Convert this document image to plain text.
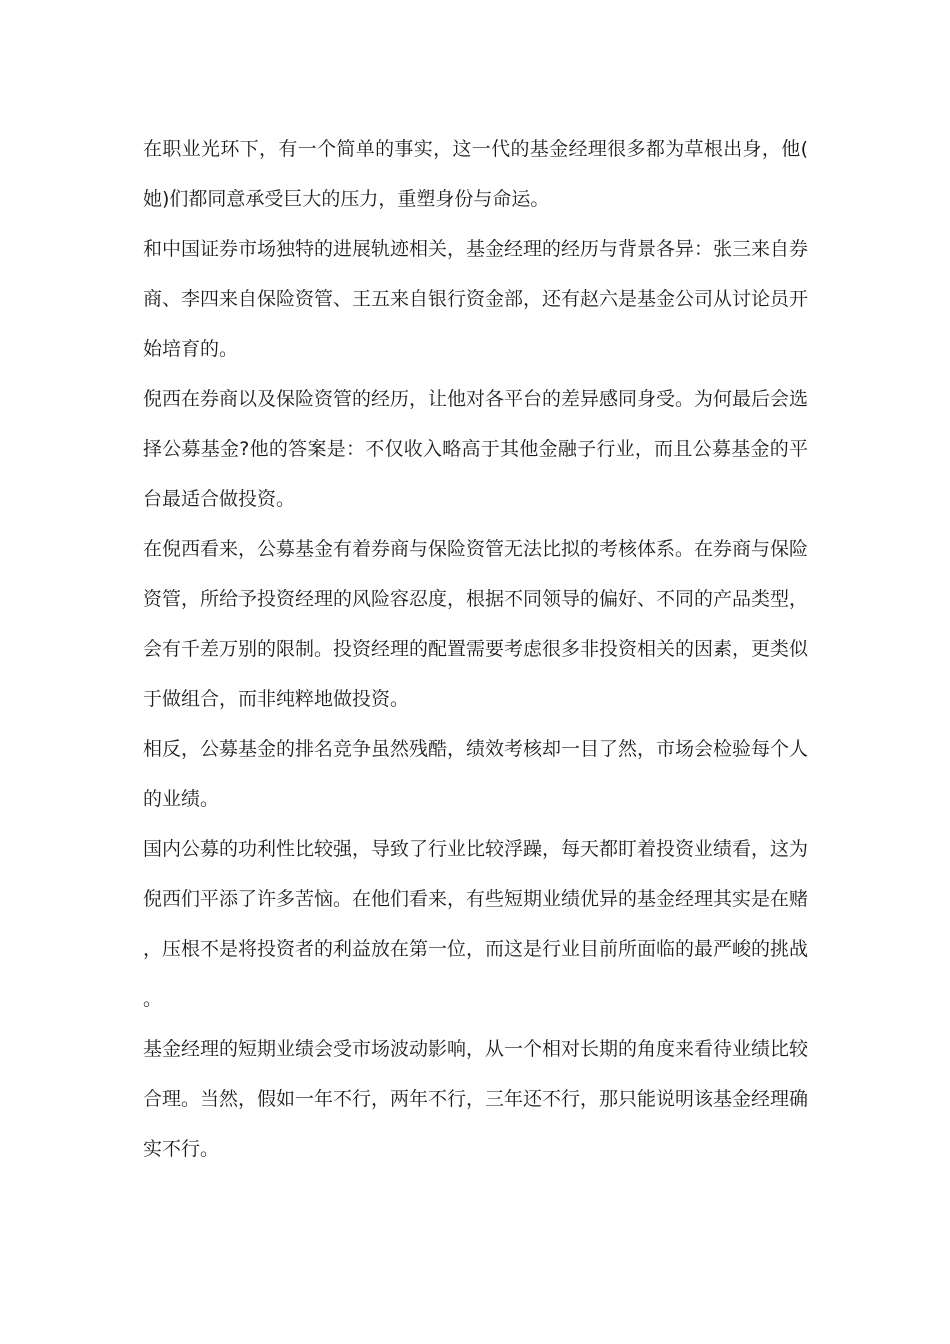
在职业光环下，有一个简单的事实，这一代的基金经理很多都为草根出身，他(她)们都同意承受巨大的压力，重塑身份与命运。

和中国证券市场独特的进展轨迹相关，基金经理的经历与背景各异：张三来自券商、李四来自保险资管、王五来自银行资金部，还有赵六是基金公司从讨论员开始培育的。

倪西在券商以及保险资管的经历，让他对各平台的差异感同身受。为何最后会选择公募基金?他的答案是：不仅收入略高于其他金融子行业，而且公募基金的平台最适合做投资。

在倪西看来，公募基金有着券商与保险资管无法比拟的考核体系。在券商与保险资管，所给予投资经理的风险容忍度，根据不同领导的偏好、不同的产品类型，会有千差万别的限制。投资经理的配置需要考虑很多非投资相关的因素，更类似于做组合，而非纯粹地做投资。

相反，公募基金的排名竞争虽然残酷，绩效考核却一目了然，市场会检验每个人的业绩。

国内公募的功利性比较强，导致了行业比较浮躁，每天都盯着投资业绩看，这为倪西们平添了许多苦恼。在他们看来，有些短期业绩优异的基金经理其实是在赌，压根不是将投资者的利益放在第一位，而这是行业目前所面临的最严峻的挑战。

基金经理的短期业绩会受市场波动影响，从一个相对长期的角度来看待业绩比较合理。当然，假如一年不行，两年不行，三年还不行，那只能说明该基金经理确实不行。
